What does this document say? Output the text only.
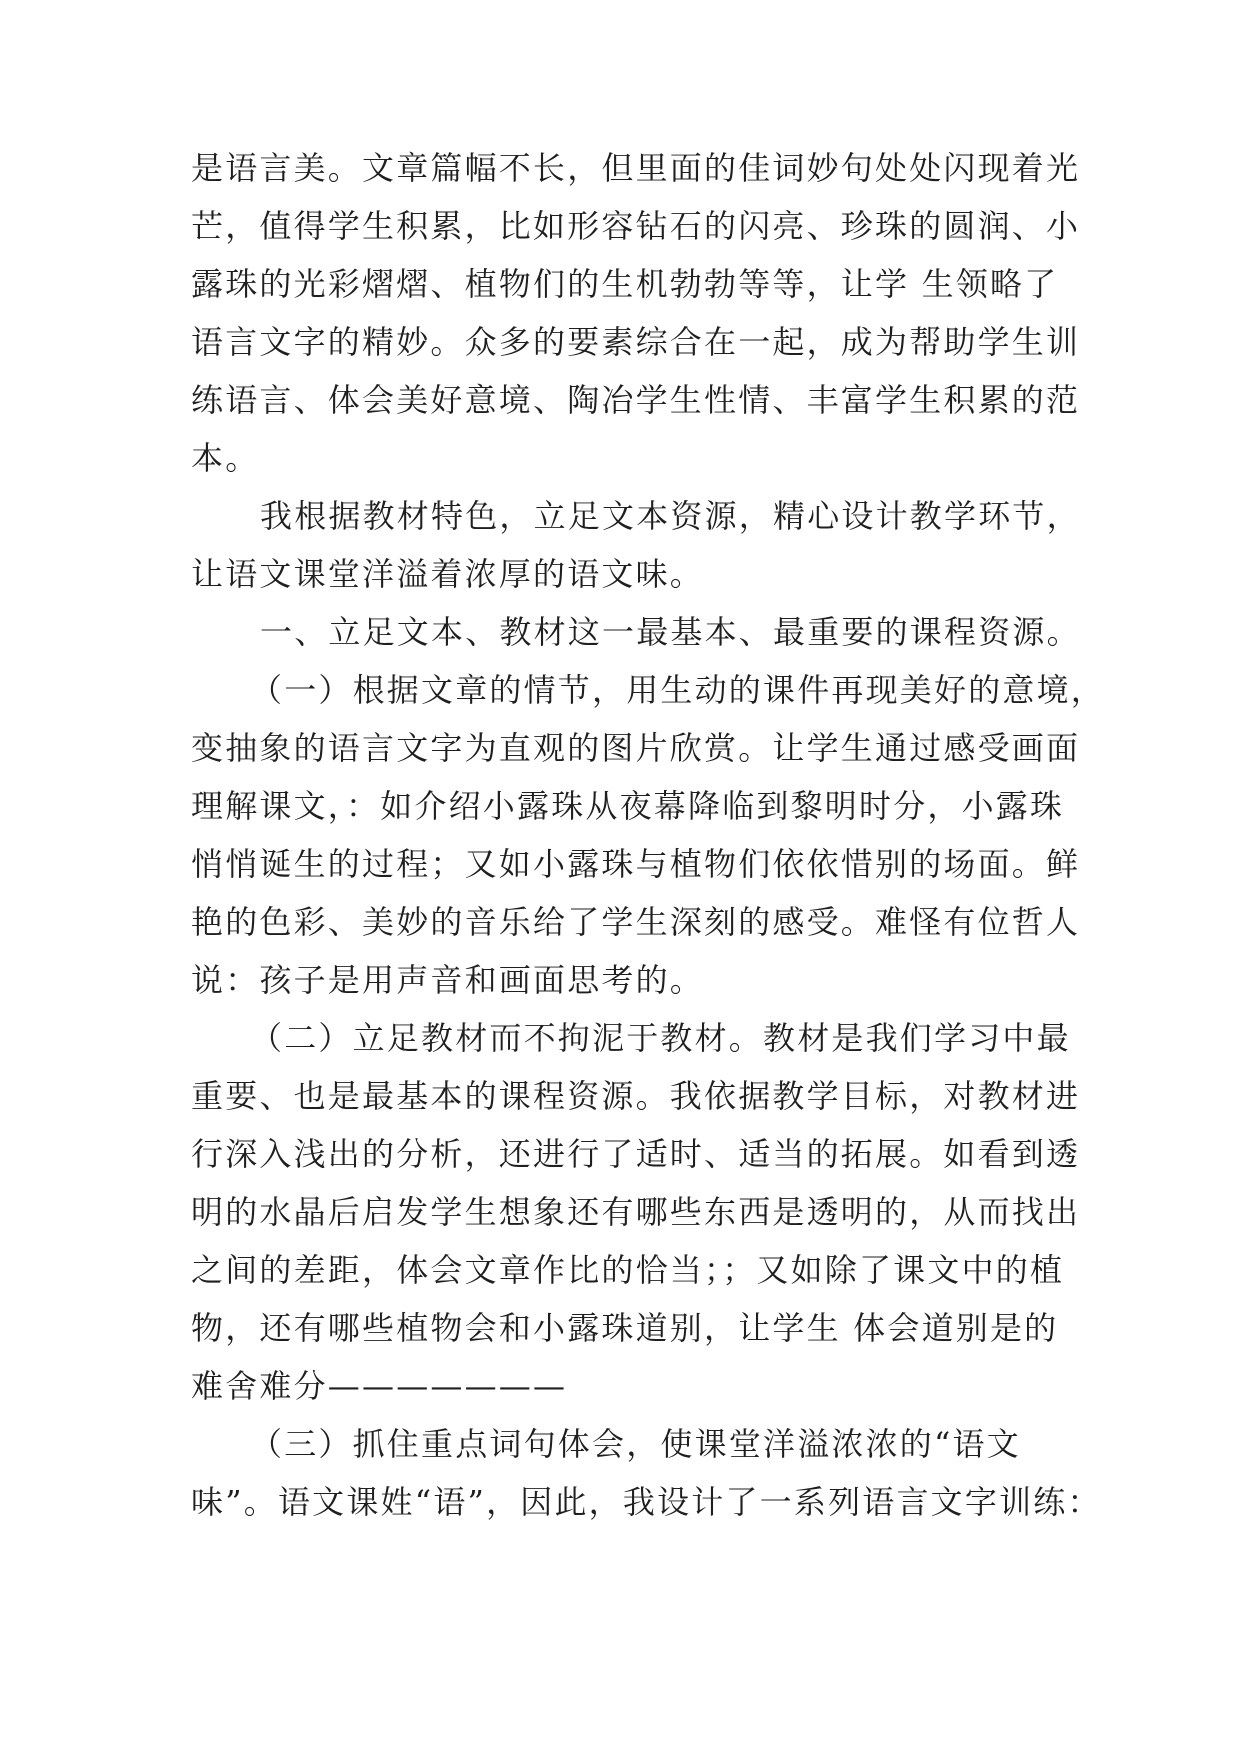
是语言美。文章篇幅不长，但里面的佳词妙句处处闪现着光
芒，值得学生积累，比如形容钻石的闪亮、珍珠的圆润、小
露珠的光彩熠熠、植物们的生机勃勃等等，让学 生领略了
语言文字的精妙。众多的要素综合在一起，成为帮助学生训
练语言、体会美好意境、陶冶学生性情、丰富学生积累的范
本。
我根据教材特色，立足文本资源，精心设计教学环节，
让语文课堂洋溢着浓厚的语文味。
一、立足文本、教材这一最基本、最重要的课程资源。
（一）根据文章的情节，用生动的课件再现美好的意境，
变抽象的语言文字为直观的图片欣赏。让学生通过感受画面
理解课文，：如介绍小露珠从夜幕降临到黎明时分，小露珠
悄悄诞生的过程；又如小露珠与植物们依依惜别的场面。鲜
艳的色彩、美妙的音乐给了学生深刻的感受。难怪有位哲人
说：孩子是用声音和画面思考的。
（二）立足教材而不拘泥于教材。教材是我们学习中最
重要、也是最基本的课程资源。我依据教学目标，对教材进
行深入浅出的分析，还进行了适时、适当的拓展。如看到透
明的水晶后启发学生想象还有哪些东西是透明的，从而找出
之间的差距，体会文章作比的恰当；；又如除了课文中的植
物，还有哪些植物会和小露珠道别，让学生 体会道别是的
难舍难分———————
（三）抓住重点词句体会，使课堂洋溢浓浓的“语文
味”。语文课姓“语”，因此，我设计了一系列语言文字训练：
